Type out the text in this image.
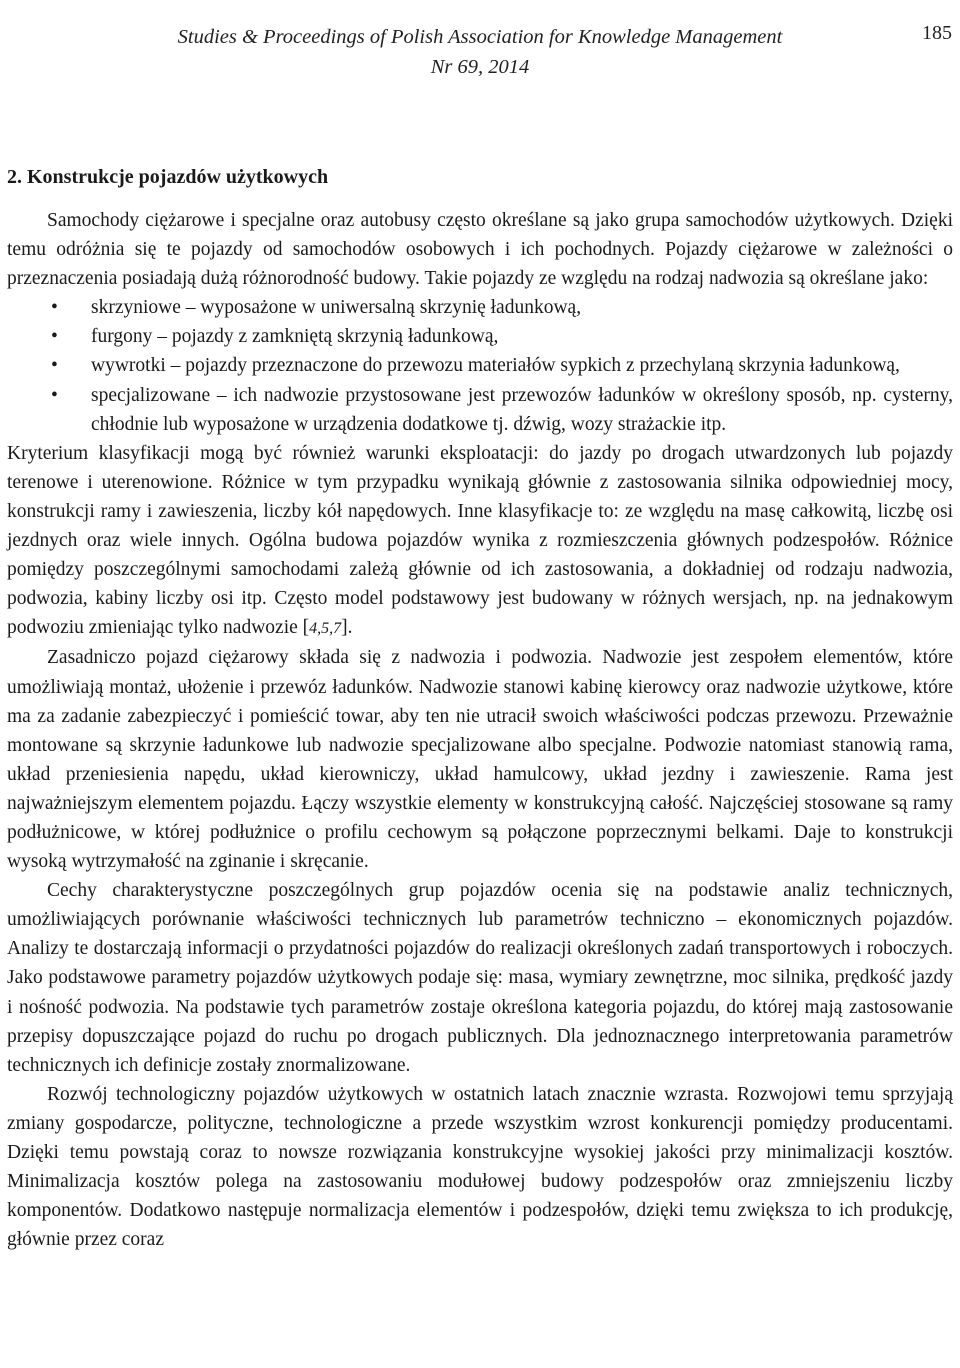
185
Studies & Proceedings of Polish Association for Knowledge Management
Nr 69, 2014
2. Konstrukcje pojazdów użytkowych

Samochody ciężarowe i specjalne oraz autobusy często określane są jako grupa samochodów użytkowych. Dzięki temu odróżnia się te pojazdy od samochodów osobowych i ich pochodnych. Pojazdy ciężarowe w zależności o przeznaczenia posiadają dużą różnorodność budowy. Takie pojazdy ze względu na rodzaj nadwozia są określane jako:

• skrzyniowe – wyposażone w uniwersalną skrzynię ładunkową,
• furgony – pojazdy z zamkniętą skrzynią ładunkową,
• wywrotki – pojazdy przeznaczone do przewozu materiałów sypkich z przechylaną skrzynia ładunkową,
• specjalizowane – ich nadwozie przystosowane jest przewozów ładunków w określony sposób, np. cysterny, chłodnie lub wyposażone w urządzenia dodatkowe tj. dźwig, wozy strażackie itp.

Kryterium klasyfikacji mogą być również warunki eksploatacji: do jazdy po drogach utwardzonych lub pojazdy terenowe i uterenowione. Różnice w tym przypadku wynikają głównie z zastosowania silnika odpowiedniej mocy, konstrukcji ramy i zawieszenia, liczby kół napędowych. Inne klasyfikacje to: ze względu na masę całkowitą, liczbę osi jezdnych oraz wiele innych. Ogólna budowa pojazdów wynika z rozmieszczenia głównych podzespołów. Różnice pomiędzy poszczególnymi samochodami zależą głównie od ich zastosowania, a dokładniej od rodzaju nadwozia, podwozia, kabiny liczby osi itp. Często model podstawowy jest budowany w różnych wersjach, np. na jednakowym podwoziu zmieniając tylko nadwozie [4,5,7].

Zasadniczo pojazd ciężarowy składa się z nadwozia i podwozia. Nadwozie jest zespołem elementów, które umożliwiają montaż, ułożenie i przewóz ładunków. Nadwozie stanowi kabinę kierowcy oraz nadwozie użytkowe, które ma za zadanie zabezpieczyć i pomieścić towar, aby ten nie utracił swoich właściwości podczas przewozu. Przeważnie montowane są skrzynie ładunkowe lub nadwozie specjalizowane albo specjalne. Podwozie natomiast stanowią rama, układ przeniesienia napędu, układ kierowniczy, układ hamulcowy, układ jezdny i zawieszenie. Rama jest najważniejszym elementem pojazdu. Łączy wszystkie elementy w konstrukcyjną całość. Najczęściej stosowane są ramy podłużnicowe, w której podłużnice o profilu cechowym są połączone poprzecznymi belkami. Daje to konstrukcji wysoką wytrzymałość na zginanie i skręcanie.

Cechy charakterystyczne poszczególnych grup pojazdów ocenia się na podstawie analiz technicznych, umożliwiających porównanie właściwości technicznych lub parametrów techniczno – ekonomicznych pojazdów. Analizy te dostarczają informacji o przydatności pojazdów do realizacji określonych zadań transportowych i roboczych. Jako podstawowe parametry pojazdów użytkowych podaje się: masa, wymiary zewnętrzne, moc silnika, prędkość jazdy i nośność podwozia. Na podstawie tych parametrów zostaje określona kategoria pojazdu, do której mają zastosowanie przepisy dopuszczające pojazd do ruchu po drogach publicznych. Dla jednoznacznego interpretowania parametrów technicznych ich definicje zostały znormalizowane.

Rozwój technologiczny pojazdów użytkowych w ostatnich latach znacznie wzrasta. Rozwojowi temu sprzyjają zmiany gospodarcze, polityczne, technologiczne a przede wszystkim wzrost konkurencji pomiędzy producentami. Dzięki temu powstają coraz to nowsze rozwiązania konstrukcyjne wysokiej jakości przy minimalizacji kosztów. Minimalizacja kosztów polega na zastosowaniu modułowej budowy podzespołów oraz zmniejszeniu liczby komponentów. Dodatkowo następuje normalizacja elementów i podzespołów, dzięki temu zwiększa to ich produkcję, głównie przez coraz
